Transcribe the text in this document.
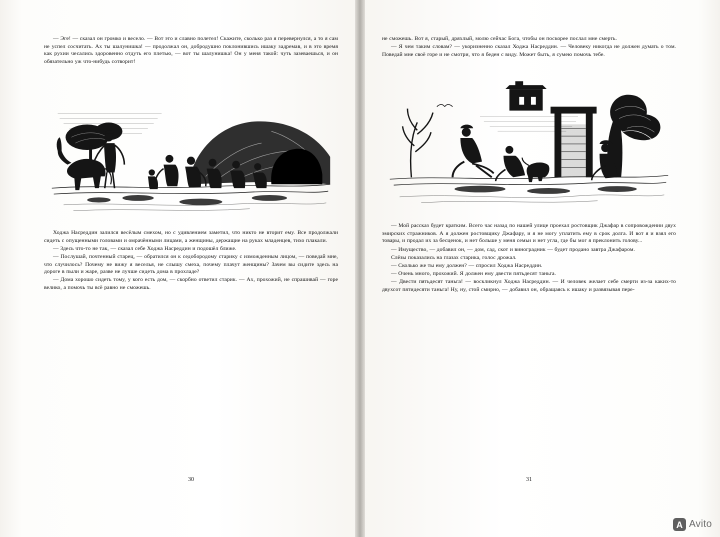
— Эге! — сказал он громко и весело. — Вот это и славно полетел! Скажите, сколько раз я перевернулся, а то я сам не успел сосчитать. Ах ты шалунишка! — продолжал он, добродушно поклонившись ишаку задремав, и в это время как рухии чесались здоровенно отдуть его плетью, — вот ты шалунишка! Он у меня такой: чуть зазеваешься, и он обязательно уж что-нибудь сотворит!

Ходжа Насреддин залился весёлым смехом, но с удивлением заметил, что никто не вторит ему. Все продолжали сидеть с опущенными головами и омрачёнными лицами, а женщины, держащие на руках младенцев, тихо плакали.

— Здесь что-то не так, — сказал себе Ходжа Насреддин и подошёл ближе.

— Послушай, почтенный старец, — обратился он к седобородому старику с изможденным лицом, — поведай мне, что случилось? Почему не вижу я веселья, не слышу смеха, почему плачут женщины? Зачем вы сидите здесь на дороге в пыли и жаре, разве не лучше сидеть дома в прохладе?

— Дома хорошо сидеть тому, у кого есть дом, — скорбно ответил старик. — Ах, прохожий, не спрашивай — горе велико, а помочь ты всё равно не сможешь.

30

не сможешь. Вот я, старый, дряхлый, молю сейчас Бога, чтобы он поскорее послал мне смерть.

— Я чем таким словам? — укоризненно сказал Ходжа Насреддин. — Человеку никогда не должен думать о том. Поведай мне своё горе и не смотри, что я беден с виду. Может быть, я сумею помочь тебе.

— Мой рассказ будет кратким. Всего час назад по нашей улице проехал ростовщик Джафар в сопровождении двух эмирских стражников. А я должен ростовщику Джафару, и я не могу уплатить ему в срок долга. И вот я и взял его товары, и продал их за бесценок, и нет больше у меня семьи и нет угла, где бы мог я преклонить голову...

— Имущество, — добавил он, — дом, сад, скот и виноградник — будет продано завтра Джафаром.

Слёзы показались на глазах старика, голос дрожал.

— Сколько же ты ему должен? — спросил Ходжа Насреддин.

— Очень много, прохожий. Я должен ему двести пятьдесят таньга.

— Двести пятьдесят таньга! — воскликнул Ходжа Насреддин. — И человек желает себе смерти из-за каких-то двухсот пятидесяти таньга! Ну, ну, стой смирно, — добавил он, обращаясь к ишаку и развязывая пере-

31
A Avito
